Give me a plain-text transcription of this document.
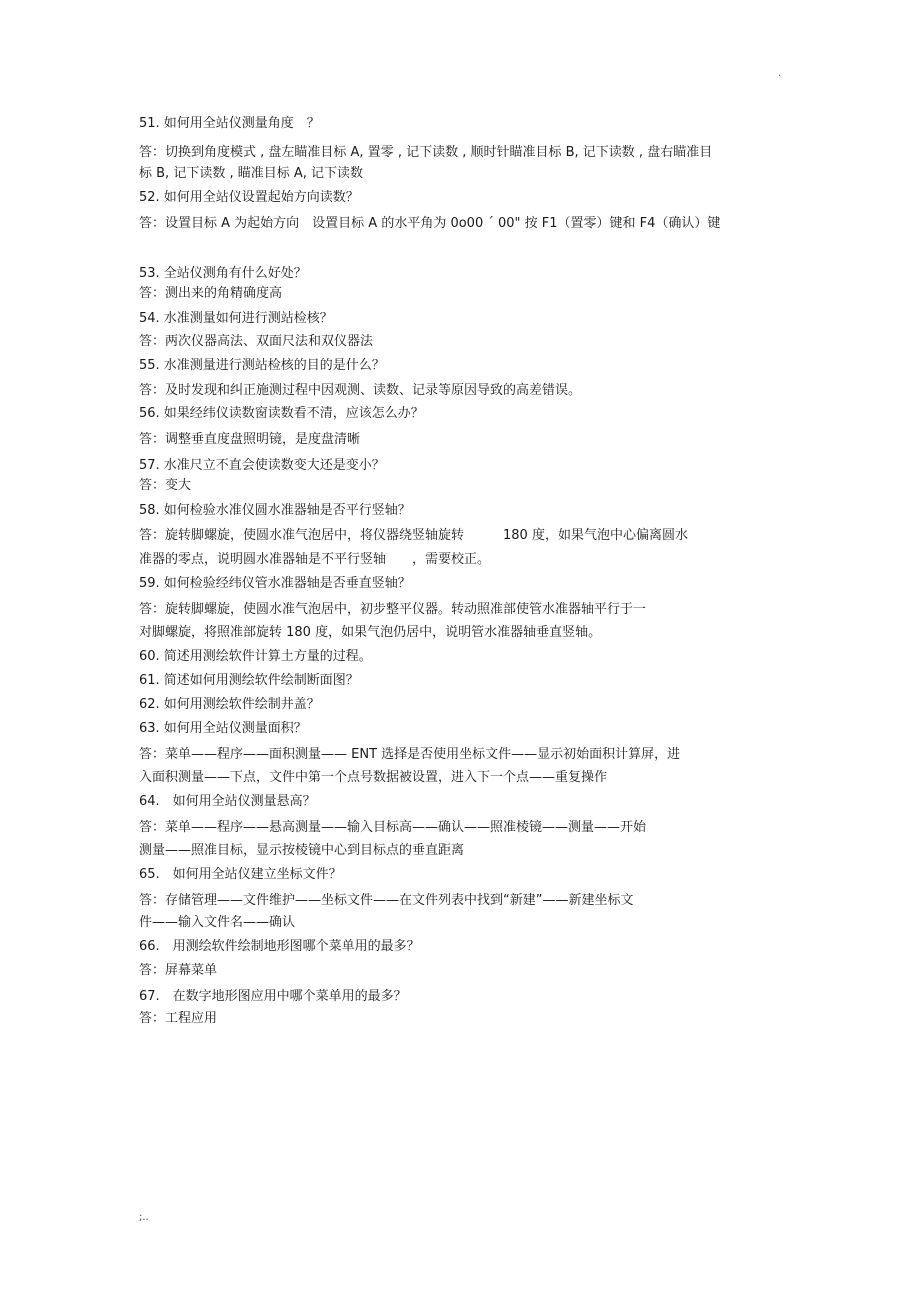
.
51. 如何用全站仪测量角度　？
答：切换到角度模式 , 盘左瞄准目标 A, 置零 , 记下读数 , 顺时针瞄准目标 B, 记下读数 , 盘右瞄准目
标 B, 记下读数 , 瞄准目标 A, 记下读数
52. 如何用全站仪设置起始方向读数？
答：设置目标 A 为起始方向　设置目标 A 的水平角为 0o00 ˊ 00" 按 F1（置零）键和 F4（确认）键
53. 全站仪测角有什么好处？
答：测出来的角精确度高
54. 水准测量如何进行测站检核？
答：两次仪器高法、双面尺法和双仪器法
55. 水准测量进行测站检核的目的是什么？
答：及时发现和纠正施测过程中因观测、读数、记录等原因导致的高差错误。
56. 如果经纬仪读数窗读数看不清，应该怎么办？
答：调整垂直度盘照明镜，是度盘清晰
57. 水准尺立不直会使读数变大还是变小？
答：变大
58. 如何检验水准仪圆水准器轴是否平行竖轴？
答：旋转脚螺旋，使圆水准气泡居中，将仪器绕竖轴旋转　　　180 度，如果气泡中心偏离圆水
准器的零点，说明圆水准器轴是不平行竖轴　　，需要校正。
59. 如何检验经纬仪管水准器轴是否垂直竖轴？
答：旋转脚螺旋，使圆水准气泡居中，初步整平仪器。转动照准部使管水准器轴平行于一
对脚螺旋，将照准部旋转 180 度，如果气泡仍居中，说明管水准器轴垂直竖轴。
60. 简述用测绘软件计算土方量的过程。
61. 简述如何用测绘软件绘制断面图？
62. 如何用测绘软件绘制井盖？
63. 如何用全站仪测量面积？
答：菜单——程序——面积测量—— ENT 选择是否使用坐标文件——显示初始面积计算屏，进
入面积测量——下点，文件中第一个点号数据被设置，进入下一个点——重复操作
64.　如何用全站仪测量悬高？
答：菜单——程序——悬高测量——输入目标高——确认——照准棱镜——测量——开始
测量——照准目标，显示按棱镜中心到目标点的垂直距离
65.　如何用全站仪建立坐标文件？
答：存储管理——文件维护——坐标文件——在文件列表中找到“新建”——新建坐标文
件——输入文件名——确认
66.　用测绘软件绘制地形图哪个菜单用的最多？
答：屏幕菜单
67.　在数字地形图应用中哪个菜单用的最多？
答：工程应用
;..
